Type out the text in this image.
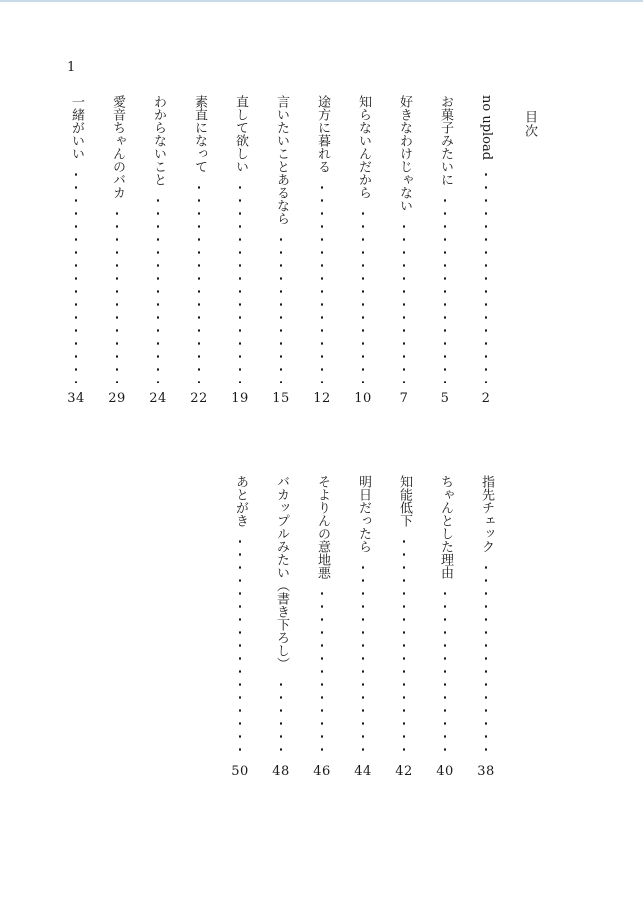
1
目次
no upload
2
お菓子みたいに
5
好きなわけじゃない
7
知らないんだから
10
途方に暮れる
12
言いたいことあるなら
15
直して欲しい
19
素直になって
22
わからないこと
24
愛音ちゃんのバカ
29
一緒がいい
34
指先チェック
38
ちゃんとした理由
40
知能低下
42
明日だったら
44
そよりんの意地悪
46
バカップルみたい（書き下ろし）
48
あとがき
50
